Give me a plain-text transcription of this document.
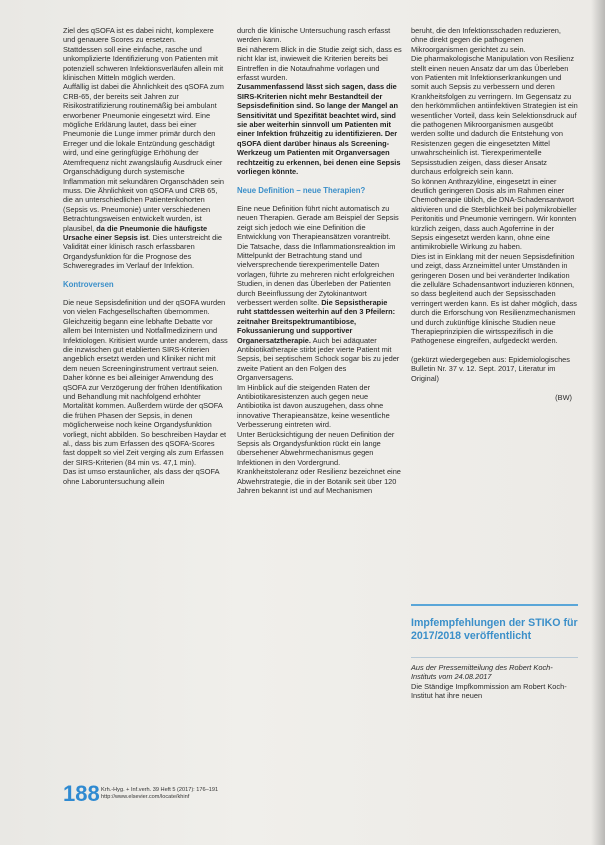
Ziel des qSOFA ist es dabei nicht, komplexere und genauere Scores zu ersetzen.

Stattdessen soll eine einfache, rasche und unkomplizierte Identifizierung von Patienten mit potenziell schweren Infektionsverläufen allein mit klinischen Mitteln möglich werden.

Auffällig ist dabei die Ähnlichkeit des qSOFA zum CRB-65, der bereits seit Jahren zur Risikostratifizierung routinemäßig bei ambulant erworbener Pneumonie eingesetzt wird. Eine mögliche Erklärung lautet, dass bei einer Pneumonie die Lunge immer primär durch den Erreger und die lokale Entzündung geschädigt wird, und eine geringfügige Erhöhung der Atemfrequenz nicht zwangsläufig Ausdruck einer Organschädigung durch systemische Inflammation mit sekundären Organschäden sein muss. Die Ähnlichkeit von qSOFA und CRB 65, die an unterschiedlichen Patientenkohorten (Sepsis vs. Pneumonie) unter verschiedenen Betrachtungsweisen entwickelt wurden, ist plausibel, da die Pneumonie die häufigste Ursache einer Sepsis ist. Dies unterstreicht die Validität einer klinisch rasch erfassbaren Organdysfunktion für die Prognose des Schweregrades im Verlauf der Infektion.

Kontroversen

Die neue Sepsisdefinition und der qSOFA wurden von vielen Fachgesellschaften übernommen. Gleichzeitig begann eine lebhafte Debatte vor allem bei Internisten und Notfallmedizinern und Infektiologen. Kritisiert wurde unter anderem, dass die inzwischen gut etablierten SIRS-Kriterien angeblich ersetzt werden und Kliniker nicht mit dem neuen Screeninginstrument vertraut seien. Daher könne es bei alleiniger Anwendung des qSOFA zur Verzögerung der frühen Identifikation und Behandlung mit nachfolgend erhöhter Mortalität kommen. Außerdem würde der qSOFA die frühen Phasen der Sepsis, in denen möglicherweise noch keine Organdysfunktion vorliegt, nicht abbilden. So beschreiben Haydar et al., dass bis zum Erfassen des qSOFA-Scores fast doppelt so viel Zeit verging als zum Erfassen der SIRS-Kriterien (84 min vs. 47,1 min).

Das ist umso erstaunlicher, als dass der qSOFA ohne Laboruntersuchung allein

durch die klinische Untersuchung rasch erfasst werden kann.

Bei näherem Blick in die Studie zeigt sich, dass es nicht klar ist, inwieweit die Kriterien bereits bei Eintreffen in die Notaufnahme vorlagen und erfasst wurden.

Zusammenfassend lässt sich sagen, dass die SIRS-Kriterien nicht mehr Bestandteil der Sepsisdefinition sind. So lange der Mangel an Sensitivität und Spezifität beachtet wird, sind sie aber weiterhin sinnvoll um Patienten mit einer Infektion frühzeitig zu identifizieren. Der qSOFA dient darüber hinaus als Screening-Werkzeug um Patienten mit Organversagen rechtzeitig zu erkennen, bei denen eine Sepsis vorliegen könnte.

Neue Definition – neue Therapien?

Eine neue Definition führt nicht automatisch zu neuen Therapien. Gerade am Beispiel der Sepsis zeigt sich jedoch wie eine Definition die Entwicklung von Therapieansätzen vorantreibt. Die Tatsache, dass die Inflammationsreaktion im Mittelpunkt der Betrachtung stand und vielversprechende tierexperimentelle Daten vorlagen, führte zu mehreren nicht erfolgreichen Studien, in denen das Überleben der Patienten durch Beeinflussung der Zytokinantwort verbessert werden sollte. Die Sepsistherapie ruht stattdessen weiterhin auf den 3 Pfeilern: zeitnaher Breitspektrumantibiose, Fokussanierung und supportiver Organersatztherapie. Auch bei adäquater Antibiotikatherapie stirbt jeder vierte Patient mit Sepsis, bei septischem Schock sogar bis zu jeder zweite Patient an den Folgen des Organversagens.

Im Hinblick auf die steigenden Raten der Antibiotikaresistenzen auch gegen neue Antibiotika ist davon auszugehen, dass ohne innovative Therapieansätze, keine wesentliche Verbesserung eintreten wird.

Unter Berücksichtigung der neuen Definition der Sepsis als Organdysfunktion rückt ein lange übersehener Abwehrmechanismus gegen Infektionen in den Vordergrund. Krankheitstoleranz oder Resilienz bezeichnet eine Abwehrstrategie, die in der Botanik seit über 120 Jahren bekannt ist und auf Mechanismen

beruht, die den Infektionsschaden reduzieren, ohne direkt gegen die pathogenen Mikroorganismen gerichtet zu sein.

Die pharmakologische Manipulation von Resilienz stellt einen neuen Ansatz dar um das Überleben von Patienten mit Infektionserkrankungen und somit auch Sepsis zu verbessern und deren Krankheitsfolgen zu verringern. Im Gegensatz zu den herkömmlichen antiinfektiven Strategien ist ein wesentlicher Vorteil, dass kein Selektionsdruck auf die pathogenen Mikroorganismen ausgeübt werden sollte und dadurch die Entstehung von Resistenzen gegen die eingesetzten Mittel unwahrscheinlich ist. Tierexperimentelle Sepsisstudien zeigen, dass dieser Ansatz durchaus erfolgreich sein kann.

So können Anthrazykline, eingesetzt in einer deutlich geringeren Dosis als im Rahmen einer Chemotherapie üblich, die DNA-Schadensantwort aktivieren und die Sterblichkeit bei polymikrobieller Peritonitis und Pneumonie verringern. Wir konnten kürzlich zeigen, dass auch Agoferrine in der Sepsis eingesetzt werden kann, ohne eine antimikrobielle Wirkung zu haben.

Dies ist in Einklang mit der neuen Sepsisdefinition und zeigt, dass Arzneimittel unter Umständen in geringeren Dosen und bei veränderter Indikation die zelluläre Schadensantwort induzieren können, so dass begleitend auch der Sepsisschaden verringert werden kann. Es ist daher möglich, dass durch die Erforschung von Resilienzmechanismen und durch zukünftige klinische Studien neue Therapieprinzipien die wirtsspezifisch in die Pathogenese eingreifen, aufgedeckt werden.

(gekürzt wiedergegeben aus: Epidemiologisches Bulletin Nr. 37 v. 12. Sept. 2017, Literatur im Original)

(BW)

Impfempfehlungen der STIKO für 2017/2018 veröffentlicht

Aus der Pressemitteilung des Robert Koch-Instituts vom 24.08.2017

Die Ständige Impfkommission am Robert Koch-Institut hat ihre neuen

188 Krh.-Hyg. + Inf.verh. 39 Heft 5 (2017): 176–191
http://www.elsevier.com/locate/khinf
